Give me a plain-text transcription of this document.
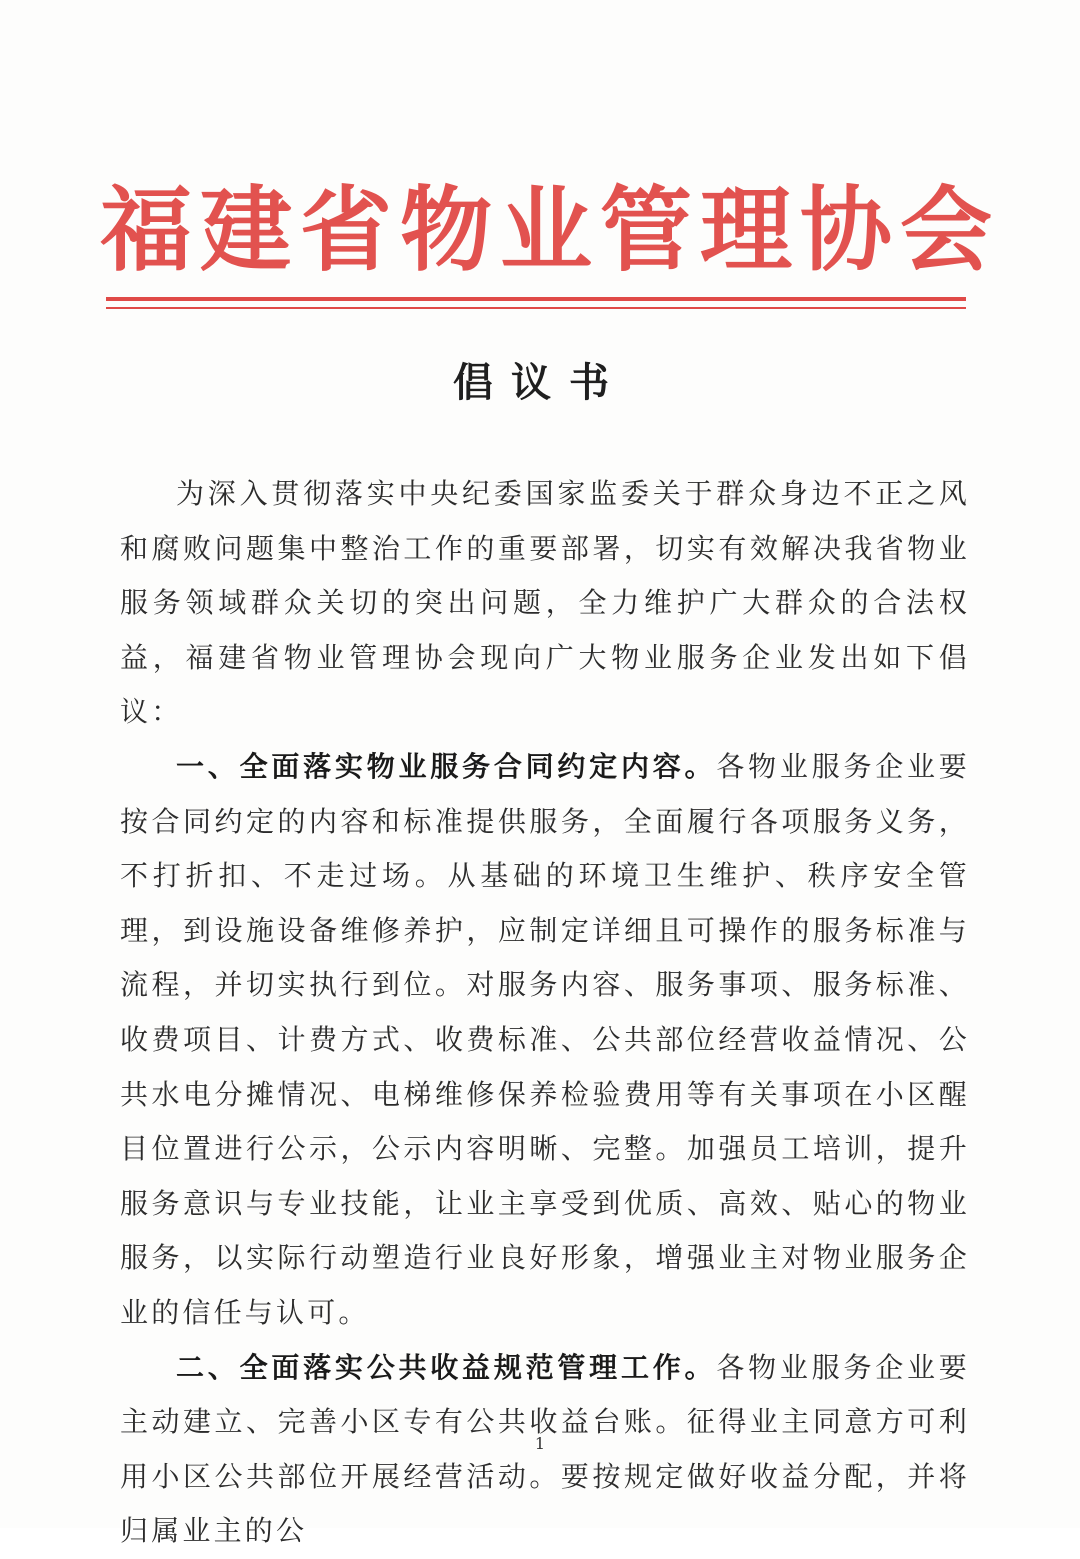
福建省物业管理协会
倡议书

为深入贯彻落实中央纪委国家监委关于群众身边不正之风和腐败问题集中整治工作的重要部署，切实有效解决我省物业服务领域群众关切的突出问题，全力维护广大群众的合法权益，福建省物业管理协会现向广大物业服务企业发出如下倡议：

一、全面落实物业服务合同约定内容。各物业服务企业要按合同约定的内容和标准提供服务，全面履行各项服务义务，不打折扣、不走过场。从基础的环境卫生维护、秩序安全管理，到设施设备维修养护，应制定详细且可操作的服务标准与流程，并切实执行到位。对服务内容、服务事项、服务标准、收费项目、计费方式、收费标准、公共部位经营收益情况、公共水电分摊情况、电梯维修保养检验费用等有关事项在小区醒目位置进行公示，公示内容明晰、完整。加强员工培训，提升服务意识与专业技能，让业主享受到优质、高效、贴心的物业服务，以实际行动塑造行业良好形象，增强业主对物业服务企业的信任与认可。

二、全面落实公共收益规范管理工作。各物业服务企业要主动建立、完善小区专有公共收益台账。征得业主同意方可利用小区公共部位开展经营活动。要按规定做好收益分配，并将归属业主的公

1
